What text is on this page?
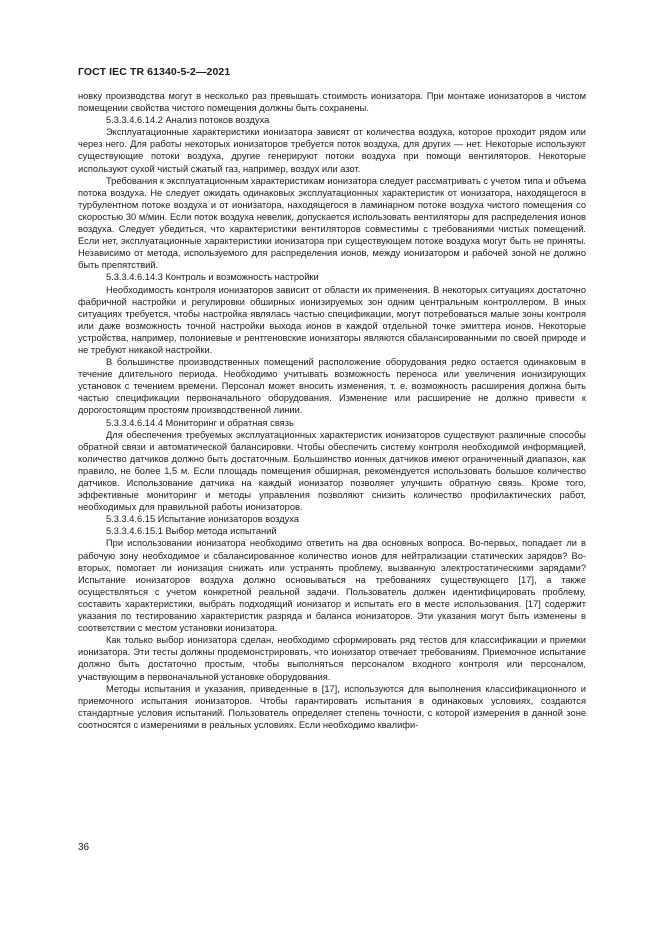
ГОСТ IEC TR 61340-5-2—2021

новку производства могут в несколько раз превышать стоимость ионизатора. При монтаже ионизаторов в чистом помещении свойства чистого помещения должны быть сохранены.

5.3.3.4.6.14.2 Анализ потоков воздуха

Эксплуатационные характеристики ионизатора зависят от количества воздуха, которое проходит рядом или через него. Для работы некоторых ионизаторов требуется поток воздуха, для других — нет. Некоторые используют существующие потоки воздуха, другие генерируют потоки воздуха при помощи вентиляторов. Некоторые используют сухой чистый сжатый газ, например, воздух или азот.

Требования к эксплуатационным характеристикам ионизатора следует рассматривать с учетом типа и объема потока воздуха. Не следует ожидать одинаковых эксплуатационных характеристик от ионизатора, находящегося в турбулентном потоке воздуха и от ионизатора, находящегося в ламинарном потоке воздуха чистого помещения со скоростью 30 м/мин. Если поток воздуха невелик, допускается использовать вентиляторы для распределения ионов воздуха. Следует убедиться, что характеристики вентиляторов совместимы с требованиями чистых помещений. Если нет, эксплуатационные характеристики ионизатора при существующем потоке воздуха могут быть не приняты. Независимо от метода, используемого для распределения ионов, между ионизатором и рабочей зоной не должно быть препятствий.

5.3.3.4.6.14.3 Контроль и возможность настройки

Необходимость контроля ионизаторов зависит от области их применения. В некоторых ситуациях достаточно фабричной настройки и регулировки обширных ионизируемых зон одним центральным контроллером. В иных ситуациях требуется, чтобы настройка являлась частью спецификации, могут потребоваться малые зоны контроля или даже возможность точной настройки выхода ионов в каждой отдельной точке эмиттера ионов. Некоторые устройства, например, полониевые и рентгеновские ионизаторы являются сбалансированными по своей природе и не требуют никакой настройки.

В большинстве производственных помещений расположение оборудования редко остается одинаковым в течение длительного периода. Необходимо учитывать возможность переноса или увеличения ионизирующих установок с течением времени. Персонал может вносить изменения, т. е. возможность расширения должна быть частью спецификации первоначального оборудования. Изменение или расширение не должно привести к дорогостоящим простоям производственной линии.

5.3.3.4.6.14.4 Мониторинг и обратная связь

Для обеспечения требуемых эксплуатационных характеристик ионизаторов существуют различные способы обратной связи и автоматической балансировки. Чтобы обеспечить систему контроля необходимой информацией, количество датчиков должно быть достаточным. Большинство ионных датчиков имеют ограниченный диапазон, как правило, не более 1,5 м. Если площадь помещения обширная, рекомендуется использовать большое количество датчиков. Использование датчика на каждый ионизатор позволяет улучшить обратную связь. Кроме того, эффективные мониторинг и методы управления позволяют снизить количество профилактических работ, необходимых для правильной работы ионизаторов.

5.3.3.4.6.15 Испытание ионизаторов воздуха

5.3.3.4.6.15.1 Выбор метода испытаний

При использовании ионизатора необходимо ответить на два основных вопроса. Во-первых, попадает ли в рабочую зону необходимое и сбалансированное количество ионов для нейтрализации статических зарядов? Во-вторых, помогает ли ионизация снижать или устранять проблему, вызванную электростатическими зарядами? Испытание ионизаторов воздуха должно основываться на требованиях существующего [17], а также осуществляться с учетом конкретной реальной задачи. Пользователь должен идентифицировать проблему, составить характеристики, выбрать подходящий ионизатор и испытать его в месте использования. [17] содержит указания по тестированию характеристик разряда и баланса ионизаторов. Эти указания могут быть изменены в соответствии с местом установки ионизатора.

Как только выбор ионизатора сделан, необходимо сформировать ряд тестов для классификации и приемки ионизатора. Эти тесты должны продемонстрировать, что ионизатор отвечает требованиям. Приемочное испытание должно быть достаточно простым, чтобы выполняться персоналом входного контроля или персоналом, участвующим в первоначальной установке оборудования.

Методы испытания и указания, приведенные в [17], используются для выполнения классификационного и приемочного испытания ионизаторов. Чтобы гарантировать испытания в одинаковых условиях, создаются стандартные условия испытаний. Пользователь определяет степень точности, с которой измерения в данной зоне соотносятся с измерениями в реальных условиях. Если необходимо квалифи-

36
